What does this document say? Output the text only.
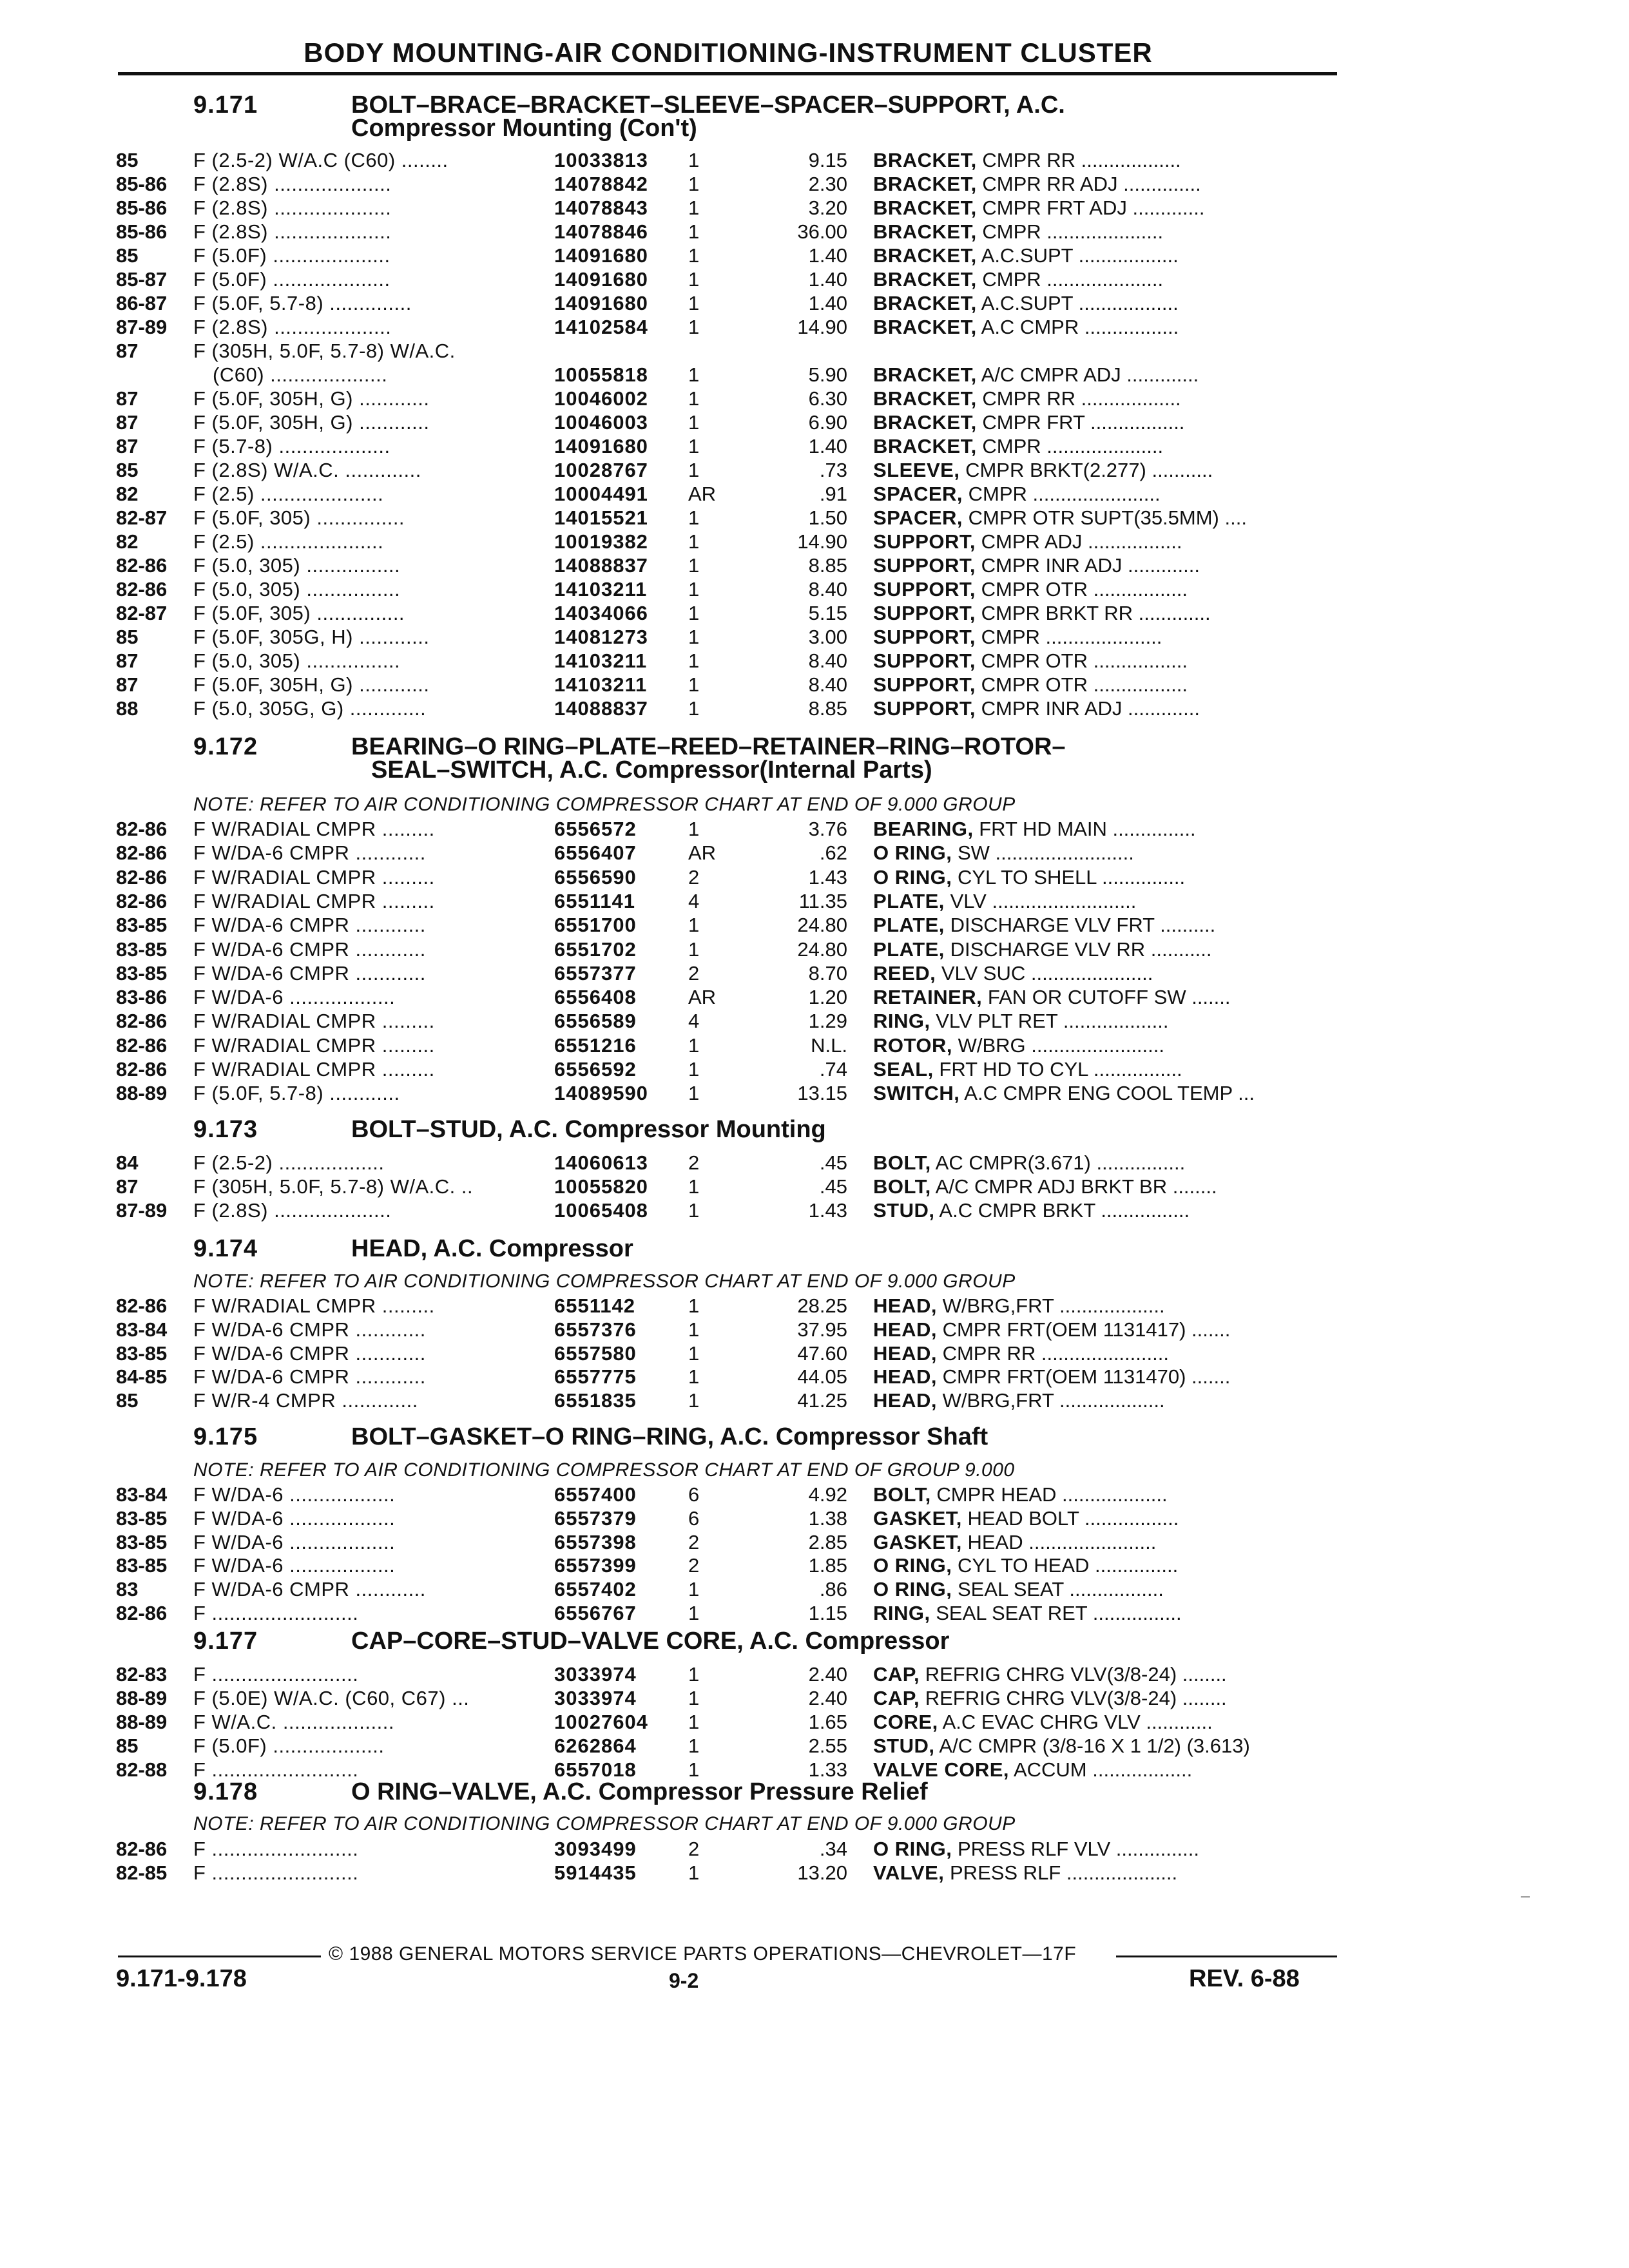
BODY MOUNTING-AIR CONDITIONING-INSTRUMENT CLUSTER
9.171	BOLT–BRACE–BRACKET–SLEEVE–SPACER–SUPPORT, A.C.
Compressor Mounting (Con't)
85	F (2.5-2) W/A.C (C60) ........	10033813	1	9.15 BRACKET, CMPR RR ..................
85-86	F (2.8S) ....................	14078842	1	2.30 BRACKET, CMPR RR ADJ ..............
85-86	F (2.8S) ....................	14078843	1	3.20 BRACKET, CMPR FRT ADJ .............
85-86	F (2.8S) ....................	14078846	1	36.00 BRACKET, CMPR .....................
85	F (5.0F) ....................	14091680	1	1.40 BRACKET, A.C.SUPT ..................
85-87	F (5.0F) ....................	14091680	1	1.40 BRACKET, CMPR .....................
86-87	F (5.0F, 5.7-8) ..............	14091680	1	1.40 BRACKET, A.C.SUPT ..................
87-89	F (2.8S) ....................	14102584	1	14.90 BRACKET, A.C CMPR .................
87	F (305H, 5.0F, 5.7-8) W/A.C.
(C60) ....................	10055818	1	5.90 BRACKET, A/C CMPR ADJ .............
87	F (5.0F, 305H, G) ............	10046002	1	6.30 BRACKET, CMPR RR ..................
87	F (5.0F, 305H, G) ............	10046003	1	6.90 BRACKET, CMPR FRT .................
87	F (5.7-8) ...................	14091680	1	1.40 BRACKET, CMPR .....................
85	F (2.8S) W/A.C. .............	10028767	1	.73 SLEEVE, CMPR BRKT(2.277) ...........
82	F (2.5) .....................	10004491	AR	.91 SPACER, CMPR .......................
82-87	F (5.0F, 305) ...............	14015521	1	1.50 SPACER, CMPR OTR SUPT(35.5MM) ....
82	F (2.5) .....................	10019382	1	14.90 SUPPORT, CMPR ADJ .................
82-86	F (5.0, 305) ................	14088837	1	8.85 SUPPORT, CMPR INR ADJ .............
82-86	F (5.0, 305) ................	14103211	1	8.40 SUPPORT, CMPR OTR .................
82-87	F (5.0F, 305) ...............	14034066	1	5.15 SUPPORT, CMPR BRKT RR .............
85	F (5.0F, 305G, H) ............	14081273	1	3.00 SUPPORT, CMPR .....................
87	F (5.0, 305) ................	14103211	1	8.40 SUPPORT, CMPR OTR .................
87	F (5.0F, 305H, G) ............	14103211	1	8.40 SUPPORT, CMPR OTR .................
88	F (5.0, 305G, G) .............	14088837	1	8.85 SUPPORT, CMPR INR ADJ .............
9.172	BEARING–O RING–PLATE–REED–RETAINER–RING–ROTOR–
SEAL–SWITCH, A.C. Compressor(Internal Parts)
NOTE: REFER TO AIR CONDITIONING COMPRESSOR CHART AT END OF 9.000 GROUP
82-86	F W/RADIAL CMPR .........	6556572	1	3.76 BEARING, FRT HD MAIN ...............
82-86	F W/DA-6 CMPR ............	6556407	AR	.62 O RING, SW .........................
82-86	F W/RADIAL CMPR .........	6556590	2	1.43 O RING, CYL TO SHELL ...............
82-86	F W/RADIAL CMPR .........	6551141	4	11.35 PLATE, VLV ..........................
83-85	F W/DA-6 CMPR ............	6551700	1	24.80 PLATE, DISCHARGE VLV FRT ..........
83-85	F W/DA-6 CMPR ............	6551702	1	24.80 PLATE, DISCHARGE VLV RR ...........
83-85	F W/DA-6 CMPR ............	6557377	2	8.70 REED, VLV SUC ......................
83-86	F W/DA-6 ..................	6556408	AR	1.20 RETAINER, FAN OR CUTOFF SW .......
82-86	F W/RADIAL CMPR .........	6556589	4	1.29 RING, VLV PLT RET ...................
82-86	F W/RADIAL CMPR .........	6551216	1	N.L. ROTOR, W/BRG ........................
82-86	F W/RADIAL CMPR .........	6556592	1	.74 SEAL, FRT HD TO CYL ................
88-89	F (5.0F, 5.7-8) ............	14089590	1	13.15 SWITCH, A.C CMPR ENG COOL TEMP ...
9.173	BOLT–STUD, A.C. Compressor Mounting
84	F (2.5-2) ..................	14060613	2	.45 BOLT, AC CMPR(3.671) ................
87	F (305H, 5.0F, 5.7-8) W/A.C. ..	10055820	1	.45 BOLT, A/C CMPR ADJ BRKT BR ........
87-89	F (2.8S) ....................	10065408	1	1.43 STUD, A.C CMPR BRKT ................
9.174	HEAD, A.C. Compressor
NOTE: REFER TO AIR CONDITIONING COMPRESSOR CHART AT END OF 9.000 GROUP
82-86	F W/RADIAL CMPR .........	6551142	1	28.25 HEAD, W/BRG,FRT ...................
83-84	F W/DA-6 CMPR ............	6557376	1	37.95 HEAD, CMPR FRT(OEM 1131417) .......
83-85	F W/DA-6 CMPR ............	6557580	1	47.60 HEAD, CMPR RR .......................
84-85	F W/DA-6 CMPR ............	6557775	1	44.05 HEAD, CMPR FRT(OEM 1131470) .......
85	F W/R-4 CMPR .............	6551835	1	41.25 HEAD, W/BRG,FRT ...................
9.175	BOLT–GASKET–O RING–RING, A.C. Compressor Shaft
NOTE: REFER TO AIR CONDITIONING COMPRESSOR CHART AT END OF GROUP 9.000
83-84	F W/DA-6 ..................	6557400	6	4.92 BOLT, CMPR HEAD ...................
83-85	F W/DA-6 ..................	6557379	6	1.38 GASKET, HEAD BOLT .................
83-85	F W/DA-6 ..................	6557398	2	2.85 GASKET, HEAD .......................
83-85	F W/DA-6 ..................	6557399	2	1.85 O RING, CYL TO HEAD ...............
83	F W/DA-6 CMPR ............	6557402	1	.86 O RING, SEAL SEAT .................
82-86	F .........................	6556767	1	1.15 RING, SEAL SEAT RET ................
9.177	CAP–CORE–STUD–VALVE CORE, A.C. Compressor
82-83	F .........................	3033974	1	2.40 CAP, REFRIG CHRG VLV(3/8-24) ........
88-89	F (5.0E) W/A.C. (C60, C67) ...	3033974	1	2.40 CAP, REFRIG CHRG VLV(3/8-24) ........
88-89	F W/A.C. ...................	10027604	1	1.65 CORE, A.C EVAC CHRG VLV ............
85	F (5.0F) ...................	6262864	1	2.55 STUD, A/C CMPR (3/8-16 X 1 1/2) (3.613)
82-88	F .........................	6557018	1	1.33 VALVE CORE, ACCUM ..................
9.178	O RING–VALVE, A.C. Compressor Pressure Relief
NOTE: REFER TO AIR CONDITIONING COMPRESSOR CHART AT END OF 9.000 GROUP
82-86	F .........................	3093499	2	.34 O RING, PRESS RLF VLV ...............
82-85	F .........................	5914435	1	13.20 VALVE, PRESS RLF ....................
© 1988 GENERAL MOTORS SERVICE PARTS OPERATIONS—CHEVROLET—17F
9.171-9.178	9-2	REV. 6-88
